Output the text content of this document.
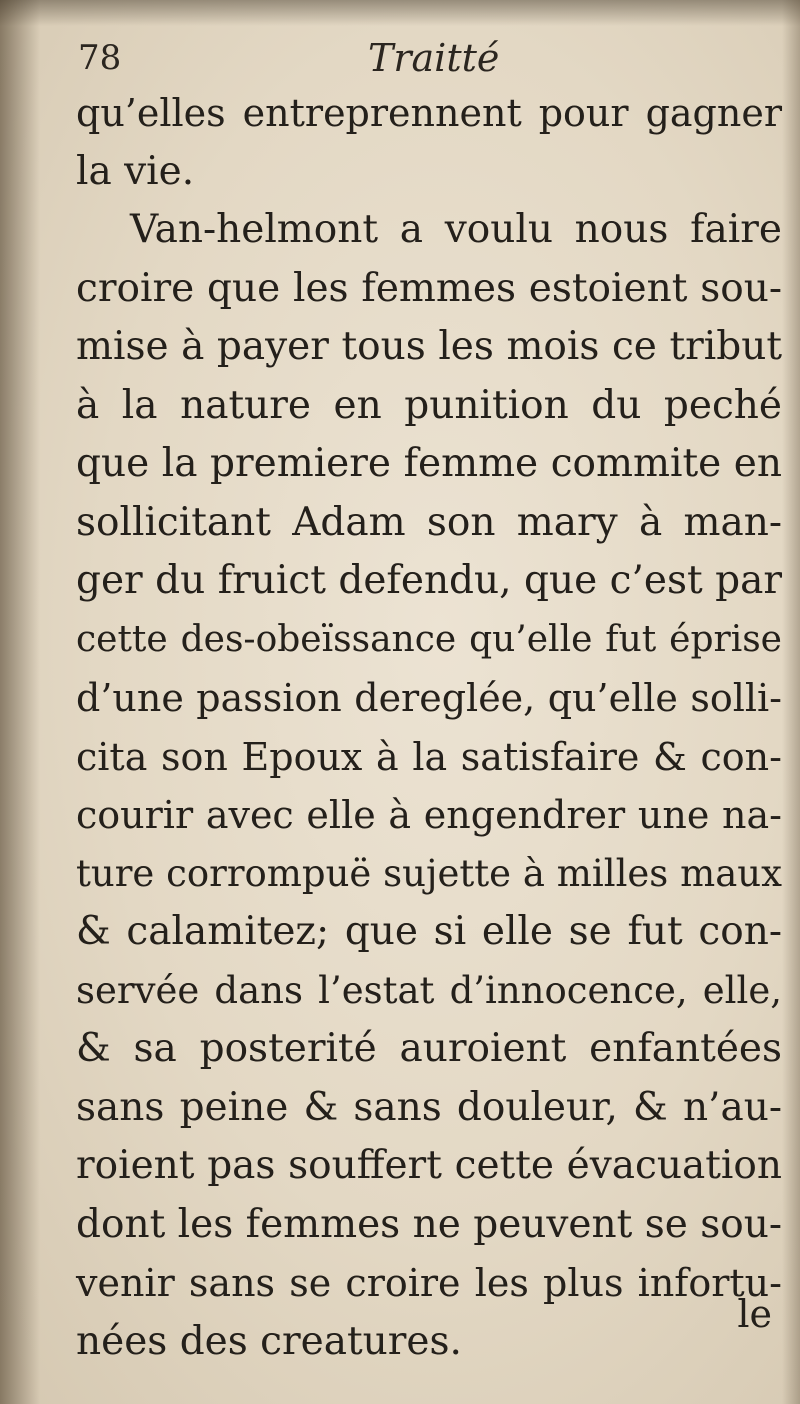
78	Traitté
qu’elles entreprennent pour gagner
la vie.
Van-helmont a voulu nous faire
croire que les femmes estoient sou-
mise à payer tous les mois ce tribut
à la nature en punition du peché
que la premiere femme commite en
sollicitant Adam son mary à man-
ger du fruict defendu, que c’est par
cette des-obeïssance qu’elle fut éprise
d’une passion dereglée, qu’elle solli-
cita son Epoux à la satisfaire & con-
courir avec elle à engendrer une na-
ture corrompuë sujette à milles maux
& calamitez; que si elle se fut con-
servée dans l’estat d’innocence, elle,
& sa posterité auroient enfantées
sans peine & sans douleur, & n’au-
roient pas souffert cette évacuation
dont les femmes ne peuvent se sou-
venir sans se croire les plus infortu-
nées des creatures.
le
